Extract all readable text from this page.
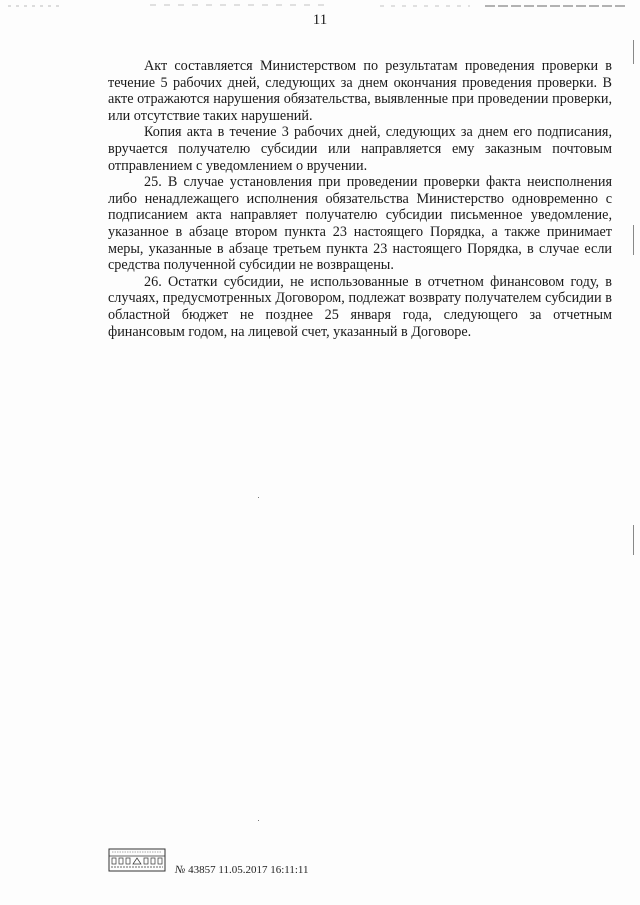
11

Акт составляется Министерством по результатам проведения проверки в течение 5 рабочих дней, следующих за днем окончания проведения проверки. В акте отражаются нарушения обязательства, выявленные при проведении проверки, или отсутствие таких нарушений.

Копия акта в течение 3 рабочих дней, следующих за днем его подписания, вручается получателю субсидии или направляется ему заказным почтовым отправлением с уведомлением о вручении.

25. В случае установления при проведении проверки факта неисполнения либо ненадлежащего исполнения обязательства Министерство одновременно с подписанием акта направляет получателю субсидии письменное уведомление, указанное в абзаце втором пункта 23 настоящего Порядка, а также принимает меры, указанные в абзаце третьем пункта 23 настоящего Порядка, в случае если средства полученной субсидии не возвращены.

26. Остатки субсидии, не использованные в отчетном финансовом году, в случаях, предусмотренных Договором, подлежат возврату получателем субсидии в областной бюджет не позднее 25 января года, следующего за отчетным финансовым годом, на лицевой счет, указанный в Договоре.

№ 43857 11.05.2017 16:11:11
